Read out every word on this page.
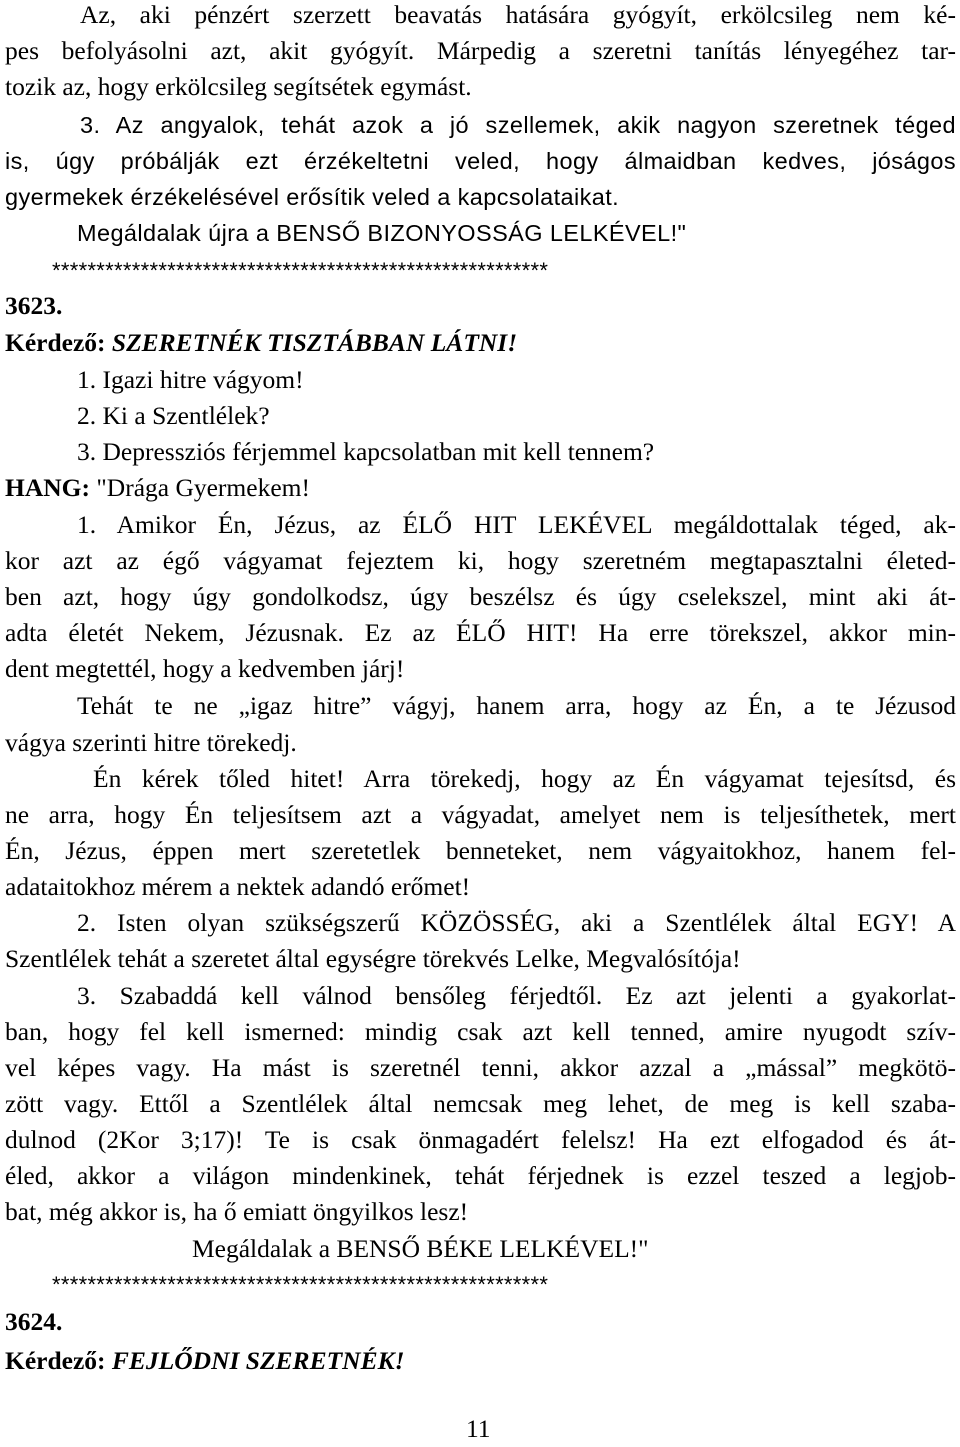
Az, aki pénzért szerzett beavatás hatására gyógyít, erkölcsileg nem ké-
pes befolyásolni azt, akit gyógyít. Márpedig a szeretni tanítás lényegéhez tar-
tozik az, hogy erkölcsileg segítsétek egymást.
3. Az angyalok, tehát azok a jó szellemek, akik nagyon szeretnek téged
is, úgy próbálják ezt érzékeltetni veled, hogy álmaidban kedves, jóságos
gyermekek érzékelésével erősítik veled a kapcsolataikat.
Megáldalak újra a BENSŐ BIZONYOSSÁG LELKÉVEL!"
********************************************************
3623.
Kérdező: SZERETNÉK TISZTÁBBAN LÁTNI!
1. Igazi hitre vágyom!
2. Ki a Szentlélek?
3. Depressziós férjemmel kapcsolatban mit kell tennem?
HANG: "Drága Gyermekem!
1. Amikor Én, Jézus, az ÉLŐ HIT LEKÉVEL megáldottalak téged, ak-
kor azt az égő vágyamat fejeztem ki, hogy szeretném megtapasztalni életed-
ben azt, hogy úgy gondolkodsz, úgy beszélsz és úgy cselekszel, mint aki át-
adta életét Nekem, Jézusnak. Ez az ÉLŐ HIT! Ha erre törekszel, akkor min-
dent megtettél, hogy a kedvemben járj!
Tehát te ne „igaz hitre” vágyj, hanem arra, hogy az Én, a te Jézusod
vágya szerinti hitre törekedj.
Én kérek tőled hitet! Arra törekedj, hogy az Én vágyamat tejesítsd, és
ne arra, hogy Én teljesítsem azt a vágyadat, amelyet nem is teljesíthetek, mert
Én, Jézus, éppen mert szeretetlek benneteket, nem vágyaitokhoz, hanem fel-
adataitokhoz mérem a nektek adandó erőmet!
2. Isten olyan szükségszerű KÖZÖSSÉG, aki a Szentlélek által EGY! A
Szentlélek tehát a szeretet által egységre törekvés Lelke, Megvalósítója!
3. Szabaddá kell válnod bensőleg férjedtől. Ez azt jelenti a gyakorlat-
ban, hogy fel kell ismerned: mindig csak azt kell tenned, amire nyugodt szív-
vel képes vagy. Ha mást is szeretnél tenni, akkor azzal a „mással” megkötö-
zött vagy. Ettől a Szentlélek által nemcsak meg lehet, de meg is kell szaba-
dulnod (2Kor 3;17)! Te is csak önmagadért felelsz! Ha ezt elfogadod és át-
éled, akkor a világon mindenkinek, tehát férjednek is ezzel teszed a legjob-
bat, még akkor is, ha ő emiatt öngyilkos lesz!
Megáldalak a BENSŐ BÉKE LELKÉVEL!"
********************************************************
3624.
Kérdező: FEJLŐDNI SZERETNÉK!
11
